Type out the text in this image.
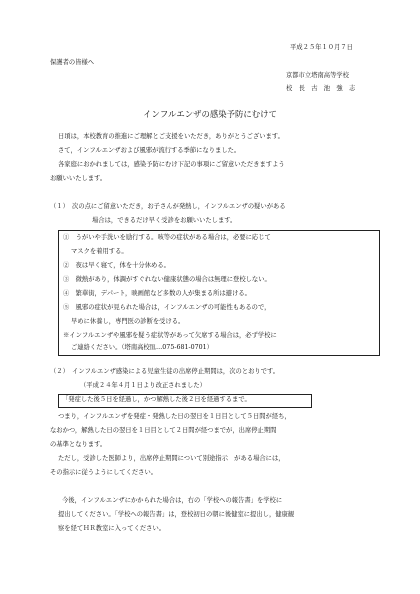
平成２５年１０月７日
保護者の皆様へ
京都市立塔南高等学校
校　長　古　池　強　志
インフルエンザの感染予防にむけて
日頃は，本校教育の推進にご理解とご支援をいただき，ありがとうございます。
さて，インフルエンザおよび風邪が流行する季節になりました。
各家庭におかれましては，感染予防にむけ下記の事項にご留意いただきますよう
お願いいたします。
（１）　次の点にご留意いただき，お子さんが発熱し，インフルエンザの疑いがある
場合は，できるだけ早く受診をお願いいたします。
①　うがいや手洗いを励行する。咳等の症状がある場合は，必要に応じて
マスクを着用する。
②　夜は早く寝て，体を十分休める。
③　微熱があり，体調がすぐれない健康状態の場合は無理に登校しない。
④　繁華街，デパート，映画館など多数の人が集まる所は避ける。
⑤　風邪の症状が見られた場合は，インフルエンザの可能性もあるので，
早めに休養し，専門医の診断を受ける。
※インフルエンザや風邪を疑う症状等があって欠席する場合は，必ず学校に
ご連絡ください。（塔南高校℡…075-681-0701）
（２）　インフルエンザ感染による児童生徒の出席停止期間は，次のとおりです。
（平成２４年４月１日より改正されました）
「発症した後５日を経過し，かつ解熱した後２日を経過するまで。
つまり，インフルエンザを発症・発熱した日の翌日を１日目として５日間が経ち，
なおかつ，解熱した日の翌日を１日目として２日間が経つまでが，出席停止期間
の基準となります。
ただし，受診した医師より，出席停止期間について別途指示　がある場合には，
その指示に従うようにしてください。
今後，インフルエンザにかかられた場合は，右の「学校への報告書」を学校に
提出してください。「学校への報告書」は，登校初日の朝に後健室に提出し，健康観
察を経てＨＲ教室に入ってください。
